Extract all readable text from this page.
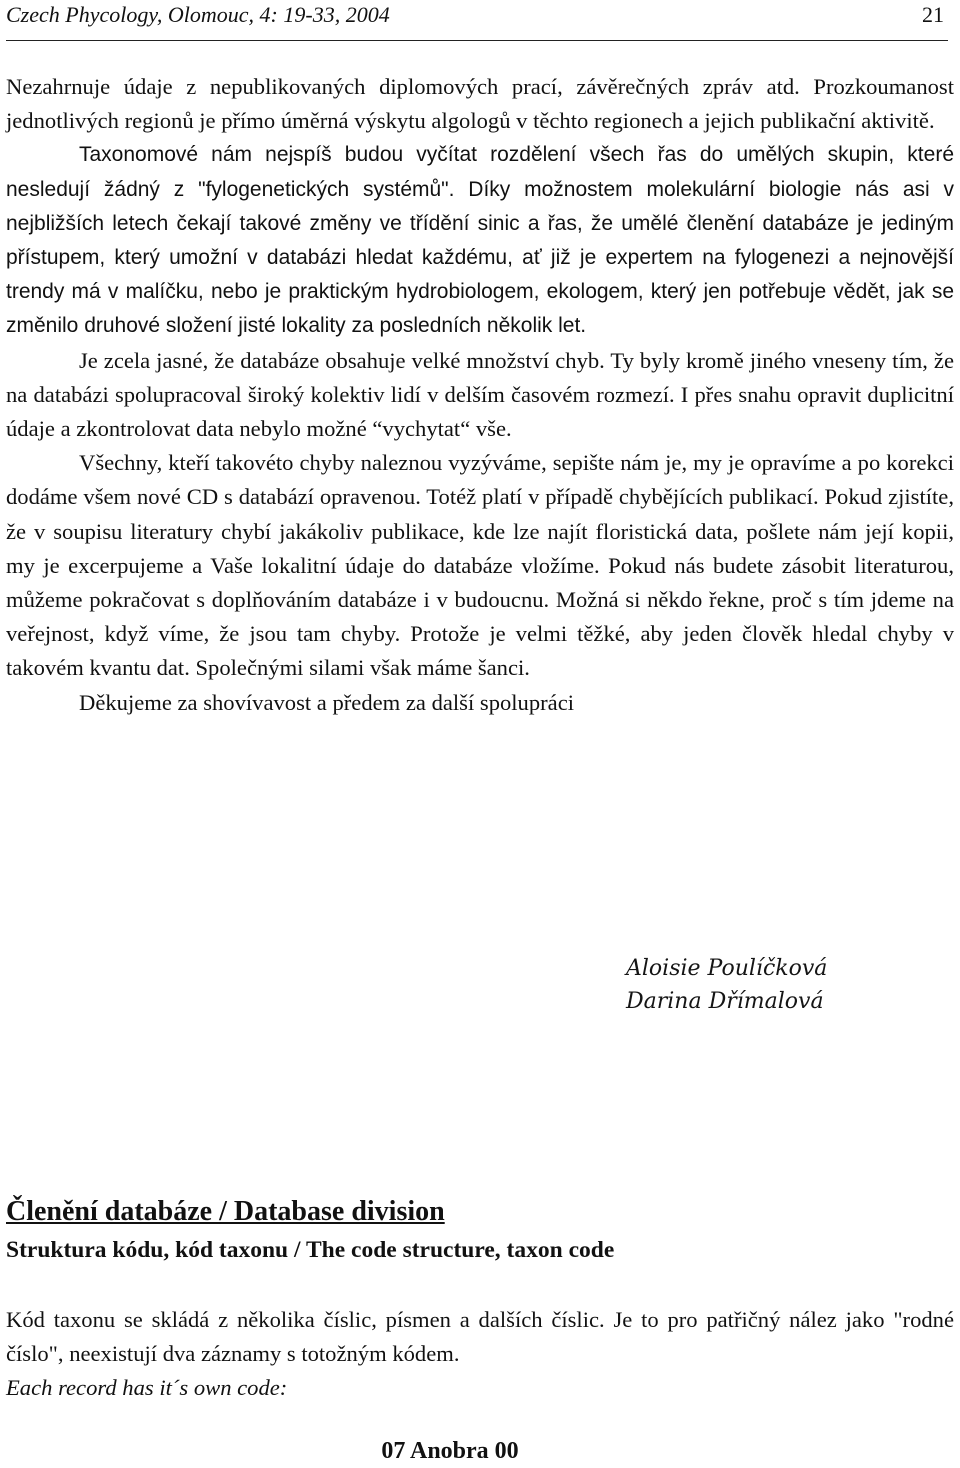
Czech Phycology, Olomouc, 4: 19-33, 2004	21

Nezahrnuje údaje z nepublikovaných diplomových prací, závěrečných zpráv atd. Prozkoumanost jednotlivých regionů je přímo úměrná výskytu algologů v těchto regionech a jejich publikační aktivitě.

Taxonomové nám nejspíš budou vyčítat rozdělení všech řas do umělých skupin, které nesledují žádný z "fylogenetických systémů". Díky možnostem molekulární biologie nás asi v nejbližších letech čekají takové změny ve třídění sinic a řas, že umělé členění databáze je jediným přístupem, který umožní v databázi hledat každému, ať již je expertem na fylogenezi a nejnovější trendy má v malíčku, nebo je praktickým hydrobiologem, ekologem, který jen potřebuje vědět, jak se změnilo druhové složení jisté lokality za posledních několik let.

Je zcela jasné, že databáze obsahuje velké množství chyb. Ty byly kromě jiného vneseny tím, že na databázi spolupracoval široký kolektiv lidí v delším časovém rozmezí. I přes snahu opravit duplicitní údaje a zkontrolovat data nebylo možné “vychytat“ vše.

Všechny, kteří takovéto chyby naleznou vyzýváme, sepište nám je, my je opravíme a po korekci dodáme všem nové CD s databází opravenou. Totéž platí v případě chybějících publikací. Pokud zjistíte, že v soupisu literatury chybí jakákoliv publikace, kde lze najít floristická data, pošlete nám její kopii, my je excerpujeme a Vaše lokalitní údaje do databáze vložíme. Pokud nás budete zásobit literaturou, můžeme pokračovat s doplňováním databáze i v budoucnu. Možná si někdo řekne, proč s tím jdeme na veřejnost, když víme, že jsou tam chyby. Protože je velmi těžké, aby jeden člověk hledal chyby v takovém kvantu dat. Společnými silami však máme šanci.

Děkujeme za shovívavost a předem za další spolupráci

Aloisie Poulíčková
Darina Dřímalová
Členění databáze / Database division
Struktura kódu, kód taxonu / The code structure, taxon code

Kód taxonu se skládá z několika číslic, písmen a dalších číslic. Je to pro patřičný nález jako "rodné číslo", neexistují dva záznamy s totožným kódem.

Each record has it´s own code:

07 Anobra 00
